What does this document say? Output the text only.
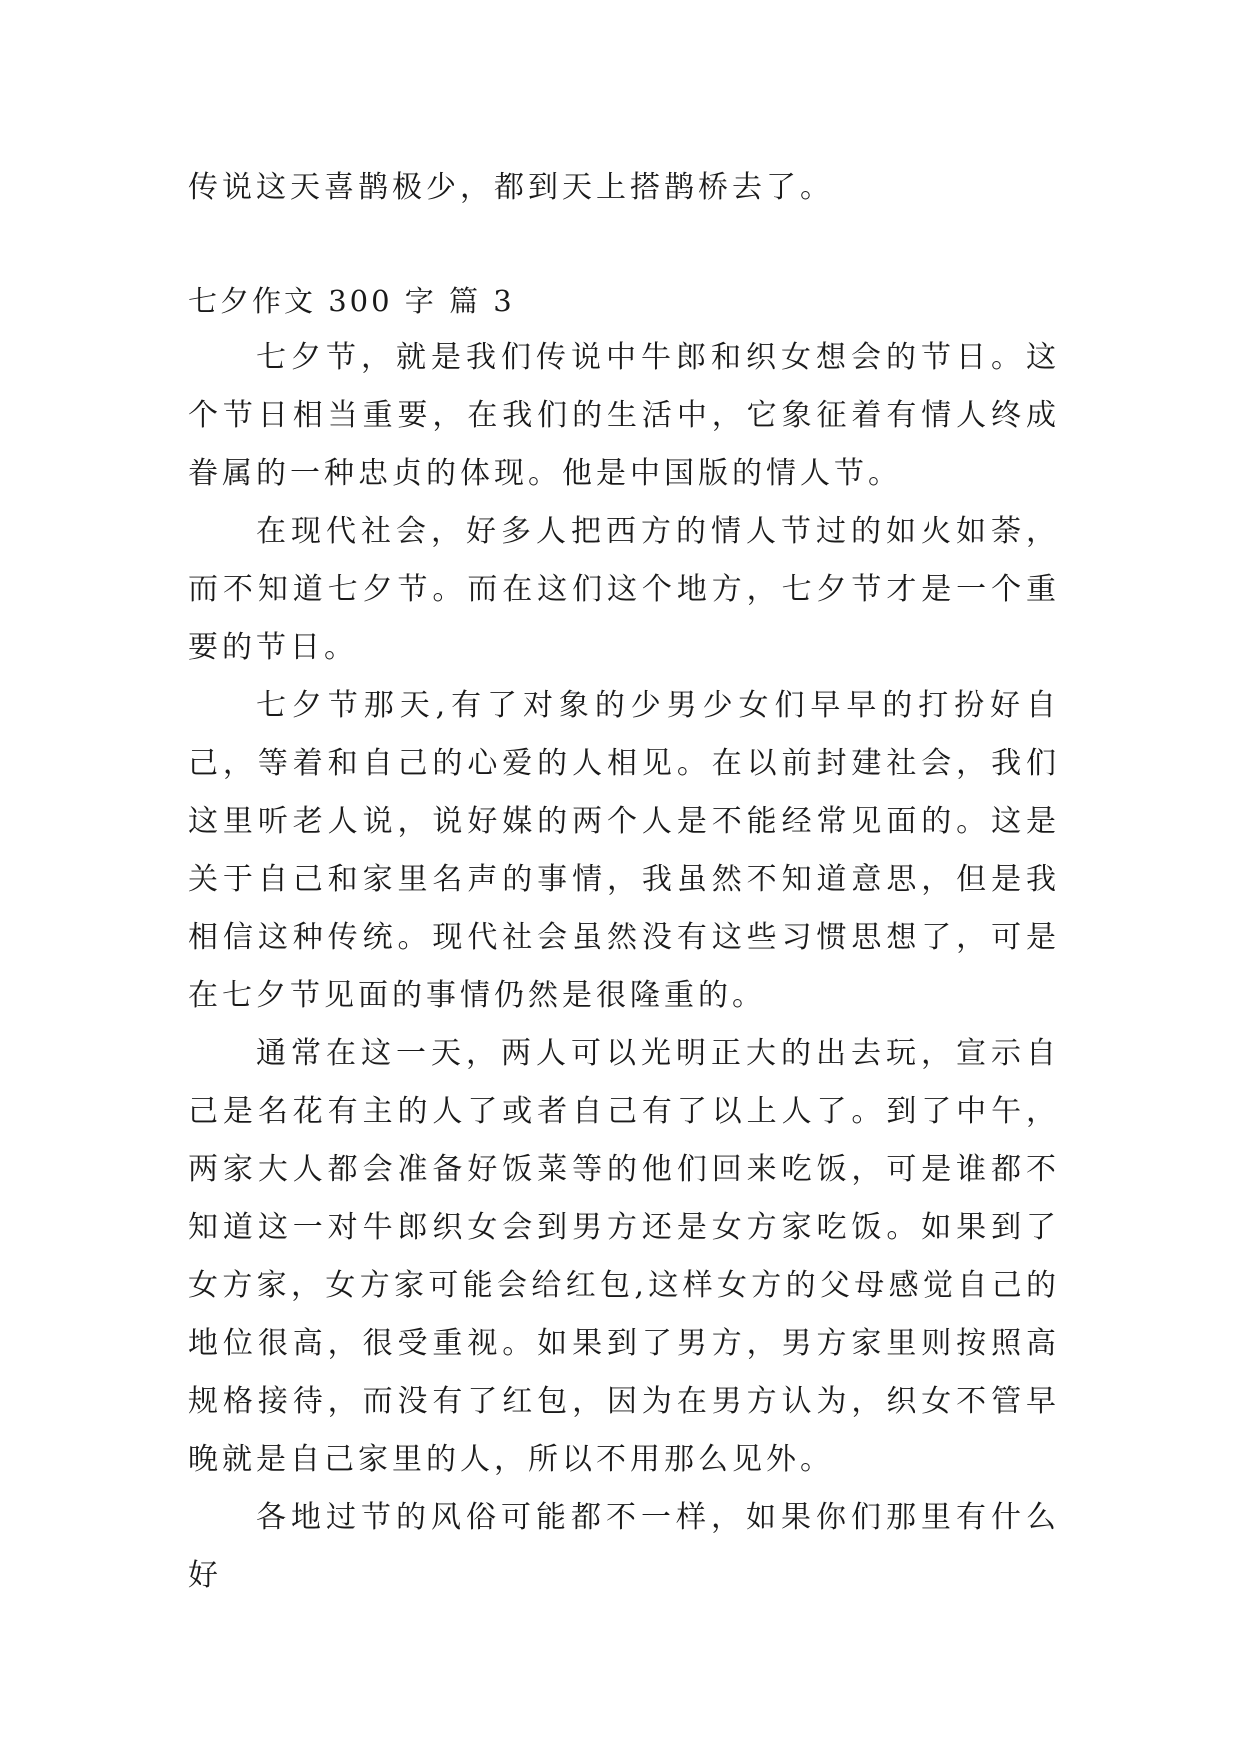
传说这天喜鹊极少，都到天上搭鹊桥去了。

七夕作文 300 字 篇 3

七夕节，就是我们传说中牛郎和织女想会的节日。这个节日相当重要，在我们的生活中，它象征着有情人终成眷属的一种忠贞的体现。他是中国版的情人节。

在现代社会，好多人把西方的情人节过的如火如荼，而不知道七夕节。而在这们这个地方，七夕节才是一个重要的节日。

七夕节那天,有了对象的少男少女们早早的打扮好自己，等着和自己的心爱的人相见。在以前封建社会，我们这里听老人说，说好媒的两个人是不能经常见面的。这是关于自己和家里名声的事情，我虽然不知道意思，但是我相信这种传统。现代社会虽然没有这些习惯思想了，可是在七夕节见面的事情仍然是很隆重的。

通常在这一天，两人可以光明正大的出去玩，宣示自己是名花有主的人了或者自己有了以上人了。到了中午，两家大人都会准备好饭菜等的他们回来吃饭，可是谁都不知道这一对牛郎织女会到男方还是女方家吃饭。如果到了女方家，女方家可能会给红包,这样女方的父母感觉自己的地位很高，很受重视。如果到了男方，男方家里则按照高规格接待，而没有了红包，因为在男方认为，织女不管早晚就是自己家里的人，所以不用那么见外。

各地过节的风俗可能都不一样，如果你们那里有什么好
